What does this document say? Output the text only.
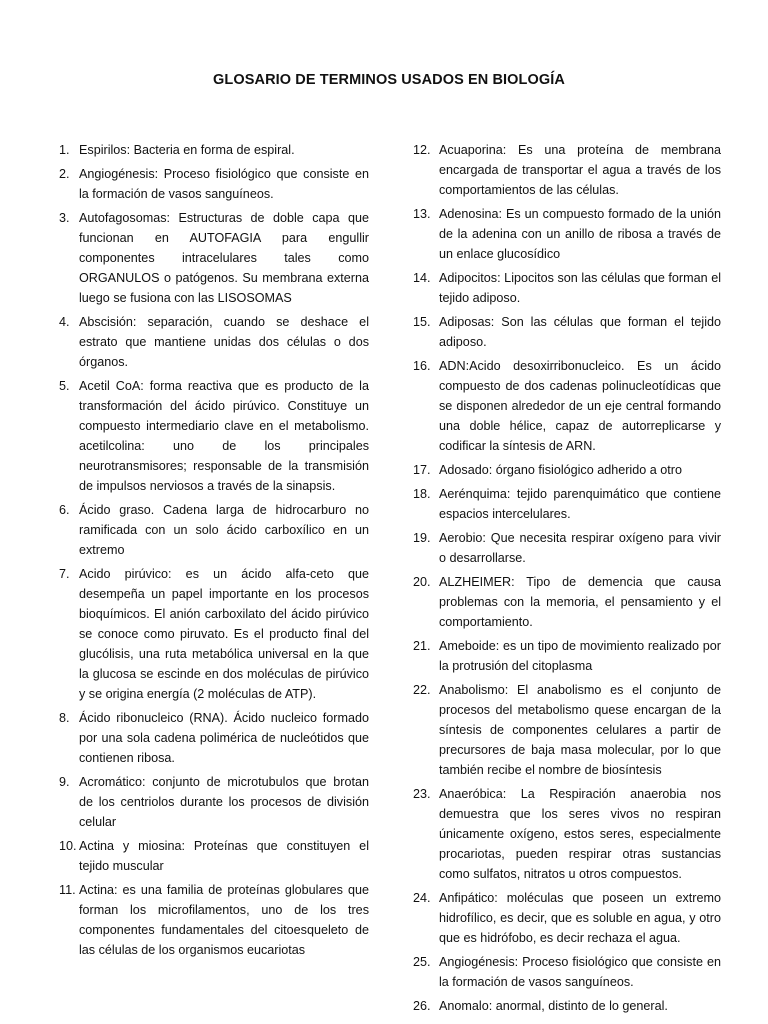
GLOSARIO DE TERMINOS USADOS EN BIOLOGÍA
1. Espirilos: Bacteria en forma de espiral.
2. Angiogénesis: Proceso fisiológico que consiste en la formación de vasos sanguíneos.
3. Autofagosomas: Estructuras de doble capa que funcionan en AUTOFAGIA para engullir componentes intracelulares tales como ORGANULOS o patógenos. Su membrana externa luego se fusiona con las LISOSOMAS
4. Abscisión: separación, cuando se deshace el estrato que mantiene unidas dos células o dos órganos.
5. Acetil CoA: forma reactiva que es producto de la transformación del ácido pirúvico. Constituye un compuesto intermediario clave en el metabolismo. acetilcolina: uno de los principales neurotransmisores; responsable de la transmisión de impulsos nerviosos a través de la sinapsis.
6. Ácido graso. Cadena larga de hidrocarburo no ramificada con un solo ácido carboxílico en un extremo
7. Acido pirúvico: es un ácido alfa-ceto que desempeña un papel importante en los procesos bioquímicos. El anión carboxilato del ácido pirúvico se conoce como piruvato. Es el producto final del glucólisis, una ruta metabólica universal en la que la glucosa se escinde en dos moléculas de pirúvico y se origina energía (2 moléculas de ATP).
8. Ácido ribonucleico (RNA). Ácido nucleico formado por una sola cadena polimérica de nucleótidos que contienen ribosa.
9. Acromático: conjunto de microtubulos que brotan de los centriolos durante los procesos de división celular
10. Actina y miosina: Proteínas que constituyen el tejido muscular
11. Actina: es una familia de proteínas globulares que forman los microfilamentos, uno de los tres componentes fundamentales del citoesqueleto de las células de los organismos eucariotas
12. Acuaporina: Es una proteína de membrana encargada de transportar el agua a través de los comportamientos de las células.
13. Adenosina: Es un compuesto formado de la unión de la adenina con un anillo de ribosa a través de un enlace glucosídico
14. Adipocitos: Lipocitos son las células que forman el tejido adiposo.
15. Adiposas: Son las células que forman el tejido adiposo.
16. ADN:Acido desoxirribonucleico. Es un ácido compuesto de dos cadenas polinucleotídicas que se disponen alrededor de un eje central formando una doble hélice, capaz de autorreplicarse y codificar la síntesis de ARN.
17. Adosado: órgano fisiológico adherido a otro
18. Aerénquima: tejido parenquimático que contiene espacios intercelulares.
19. Aerobio: Que necesita respirar oxígeno para vivir o desarrollarse.
20. ALZHEIMER: Tipo de demencia que causa problemas con la memoria, el pensamiento y el comportamiento.
21. Ameboide: es un tipo de movimiento realizado por la protrusión del citoplasma
22. Anabolismo: El anabolismo es el conjunto de procesos del metabolismo quese encargan de la síntesis de componentes celulares a partir de precursores de baja masa molecular, por lo que también recibe el nombre de biosíntesis
23. Anaeróbica: La Respiración anaerobia nos demuestra que los seres vivos no respiran únicamente oxígeno, estos seres, especialmente procariotas, pueden respirar otras sustancias como sulfatos, nitratos u otros compuestos.
24. Anfipático: moléculas que poseen un extremo hidrofílico, es decir, que es soluble en agua, y otro que es hidrófobo, es decir rechaza el agua.
25. Angiogénesis: Proceso fisiológico que consiste en la formación de vasos sanguíneos.
26. Anomalo: anormal, distinto de lo general.
